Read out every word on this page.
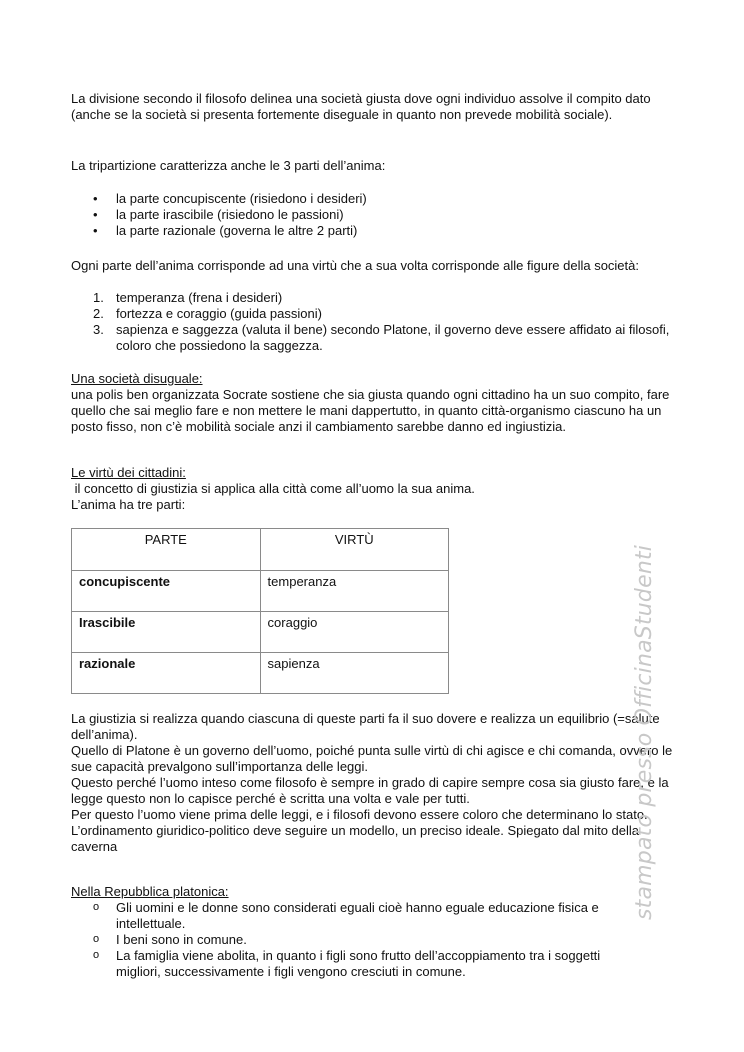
La divisione secondo il filosofo delinea una società giusta dove ogni individuo assolve il compito dato (anche se la società si presenta fortemente diseguale in quanto non prevede mobilità sociale).

La tripartizione caratterizza anche le 3 parti dell’anima:

• la parte concupiscente (risiedono i desideri)
• la parte irascibile (risiedono le passioni)
• la parte razionale (governa le altre 2 parti)

Ogni parte dell’anima corrisponde ad una virtù che a sua volta corrisponde alle figure della società:

1. temperanza (frena i desideri)
2. fortezza e coraggio (guida passioni)
3. sapienza e saggezza (valuta il bene) secondo Platone, il governo deve essere affidato ai filosofi, coloro che possiedono la saggezza.
Una società disuguale:
una polis ben organizzata Socrate sostiene che sia giusta quando ogni cittadino ha un suo compito, fare quello che sai meglio fare e non mettere le mani dappertutto, in quanto città-organismo ciascuno ha un posto fisso, non c’è mobilità sociale anzi il cambiamento sarebbe danno ed ingiustizia.
Le virtù dei cittadini:
il concetto di giustizia si applica alla città come all’uomo la sua anima.
L’anima ha tre parti:
PARTE	VIRTÙ
concupiscente	temperanza
Irascibile	coraggio
razionale	sapienza
La giustizia si realizza quando ciascuna di queste parti fa il suo dovere e realizza un equilibrio (=salute dell’anima).
Quello di Platone è un governo dell’uomo, poiché punta sulle virtù di chi agisce e chi comanda, ovvero le sue capacità prevalgono sull’importanza delle leggi.
Questo perché l’uomo inteso come filosofo è sempre in grado di capire sempre cosa sia giusto fare, e la legge questo non lo capisce perché è scritta una volta e vale per tutti.
Per questo l’uomo viene prima delle leggi, e i filosofi devono essere coloro che determinano lo stato.
L’ordinamento giuridico-politico deve seguire un modello, un preciso ideale. Spiegato dal mito della caverna
Nella Repubblica platonica:
o Gli uomini e le donne sono considerati eguali cioè hanno eguale educazione fisica e intellettuale.
o I beni sono in comune.
o La famiglia viene abolita, in quanto i figli sono frutto dell’accoppiamento tra i soggetti migliori, successivamente i figli vengono cresciuti in comune.
stampato presso OfficinaStudenti
